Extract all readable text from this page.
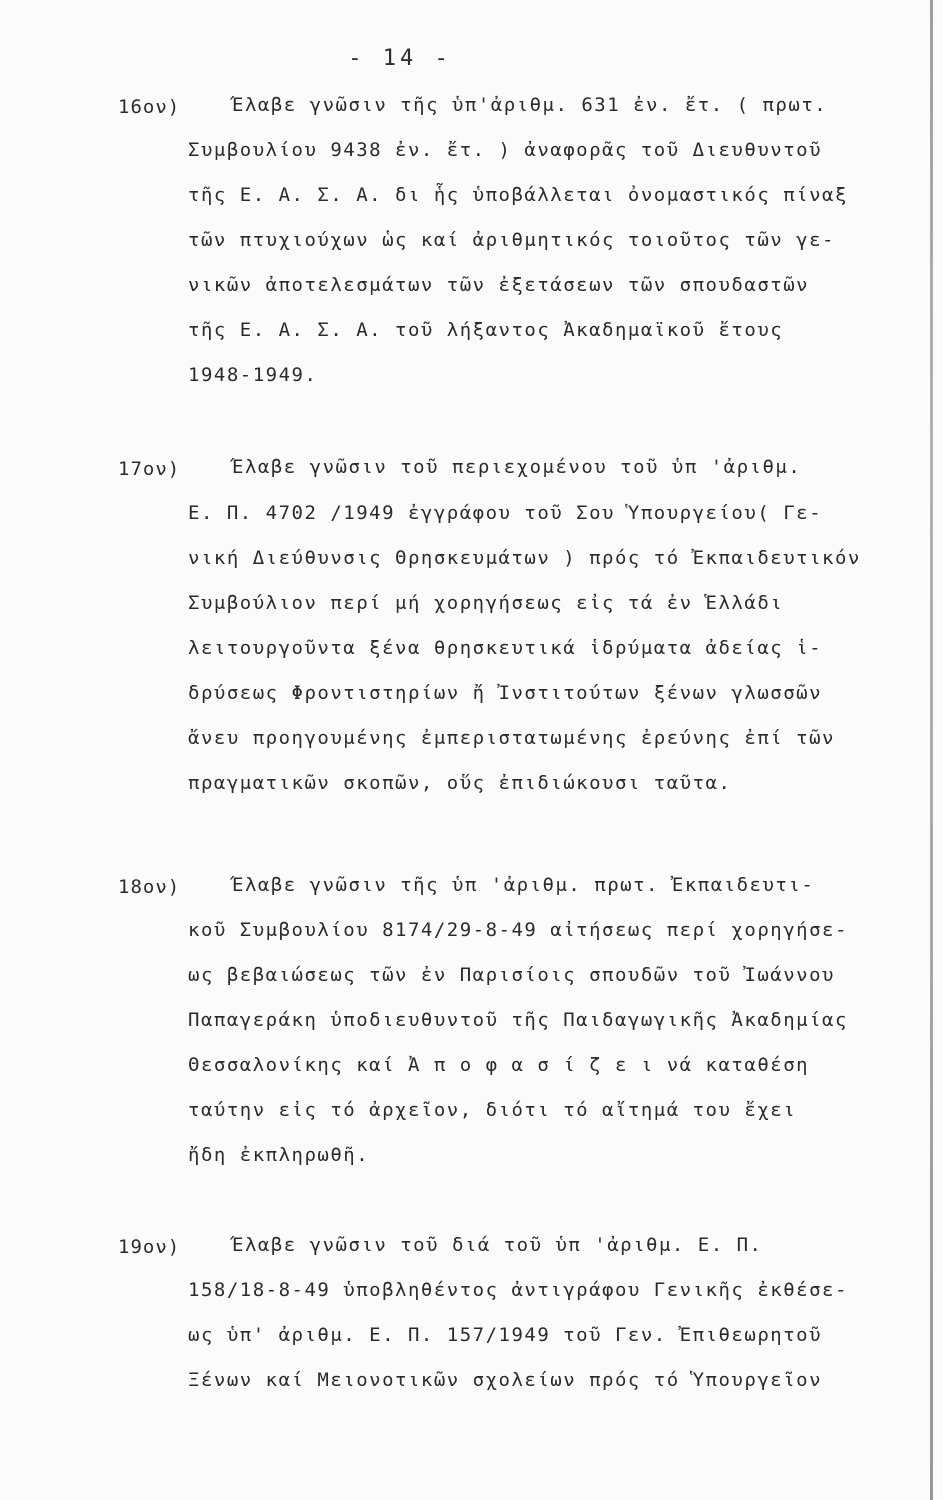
- 14 -
16ον)	Έλαβε γνῶσιν τῆς ὑπ'ἀριθμ. 631 ἐν. ἔτ. ( πρωτ.
Συμβουλίου 9438 ἐν. ἔτ. ) ἀναφορᾶς τοῦ Διευθυντοῦ
τῆς Ε. Α. Σ. Α. δι ἧς ὑποβάλλεται ὀνομαστικός πίναξ
τῶν πτυχιούχων ὡς καί ἀριθμητικός τοιοῦτος τῶν γε-
νικῶν ἀποτελεσμάτων τῶν ἐξετάσεων τῶν σπουδαστῶν
τῆς Ε. Α. Σ. Α. τοῦ λήξαντος Ἀκαδημαϊκοῦ ἔτους
1948-1949.
17ον)	Έλαβε γνῶσιν τοῦ περιεχομένου τοῦ ὑπ 'ἀριθμ.
Ε. Π. 4702 /1949 ἐγγράφου τοῦ Σου Ὑπουργείου( Γε-
νική Διεύθυνσις Θρησκευμάτων ) πρός τό Ἐκπαιδευτικόν
Συμβούλιον περί μή χορηγήσεως εἰς τά ἐν Ἑλλάδι
λειτουργοῦντα ξένα θρησκευτικά ἱδρύματα ἀδείας ἱ-
δρύσεως Φροντιστηρίων ἤ Ἰνστιτούτων ξένων γλωσσῶν
ἄνευ προηγουμένης ἐμπεριστατωμένης ἐρεύνης ἐπί τῶν
πραγματικῶν σκοπῶν, οὕς ἐπιδιώκουσι ταῦτα.
18ον)	Έλαβε γνῶσιν τῆς ὑπ 'ἀριθμ. πρωτ. Ἐκπαιδευτι-
κοῦ Συμβουλίου 8174/29-8-49 αἰτήσεως περί χορηγήσε-
ως βεβαιώσεως τῶν ἐν Παρισίοις σπουδῶν τοῦ Ἰωάννου
Παπαγεράκη ὑποδιευθυντοῦ τῆς Παιδαγωγικῆς Ἀκαδημίας
Θεσσαλονίκης καί Ἀ π ο φ α σ ί ζ ε ι νά καταθέση
ταύτην εἰς τό ἀρχεῖον, διότι τό αἴτημά του ἔχει
ἤδη ἐκπληρωθῆ.
19ον)	Έλαβε γνῶσιν τοῦ διά τοῦ ὑπ 'ἀριθμ. Ε. Π.
158/18-8-49 ὑποβληθέντος ἀντιγράφου Γενικῆς ἐκθέσε-
ως ὑπ' ἀριθμ. Ε. Π. 157/1949 τοῦ Γεν. Ἐπιθεωρητοῦ
Ξένων καί Μειονοτικῶν σχολείων πρός τό Ὑπουργεῖον
